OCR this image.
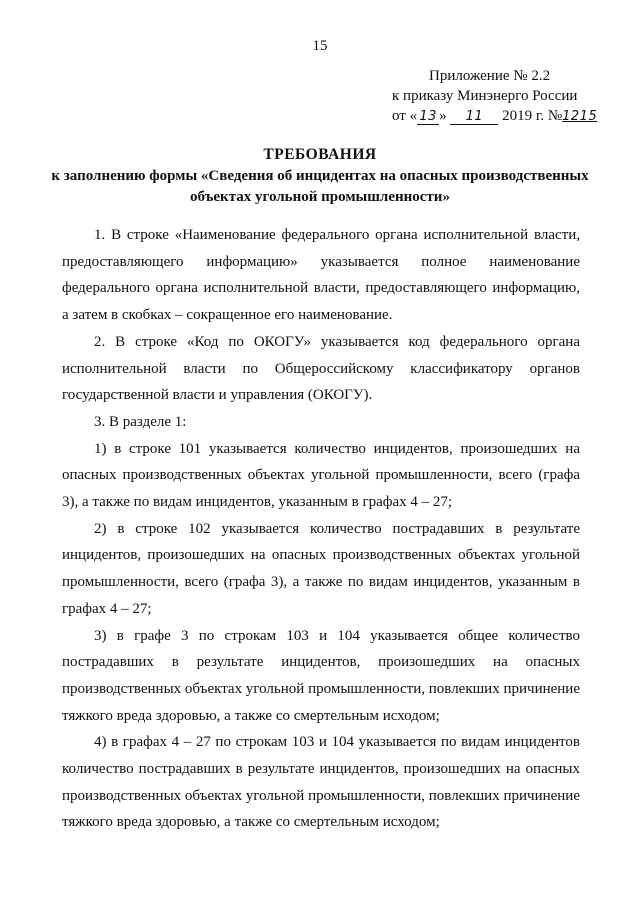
15
Приложение № 2.2
к приказу Минэнерго России
от « 13 » 11 2019 г. №1215
ТРЕБОВАНИЯ
к заполнению формы «Сведения об инцидентах на опасных производственных
объектах угольной промышленности»

1. В строке «Наименование федерального органа исполнительной власти, предоставляющего информацию» указывается полное наименование федерального органа исполнительной власти, предоставляющего информацию, а затем в скобках – сокращенное его наименование.

2. В строке «Код по ОКОГУ» указывается код федерального органа исполнительной власти по Общероссийскому классификатору органов государственной власти и управления (ОКОГУ).

3. В разделе 1:

1) в строке 101 указывается количество инцидентов, произошедших на опасных производственных объектах угольной промышленности, всего (графа 3), а также по видам инцидентов, указанным в графах 4 – 27;

2) в строке 102 указывается количество пострадавших в результате инцидентов, произошедших на опасных производственных объектах угольной промышленности, всего (графа 3), а также по видам инцидентов, указанным в графах 4 – 27;

3) в графе 3 по строкам 103 и 104 указывается общее количество пострадавших в результате инцидентов, произошедших на опасных производственных объектах угольной промышленности, повлекших причинение тяжкого вреда здоровью, а также со смертельным исходом;

4) в графах 4 – 27 по строкам 103 и 104 указывается по видам инцидентов количество пострадавших в результате инцидентов, произошедших на опасных производственных объектах угольной промышленности, повлекших причинение тяжкого вреда здоровью, а также со смертельным исходом;
